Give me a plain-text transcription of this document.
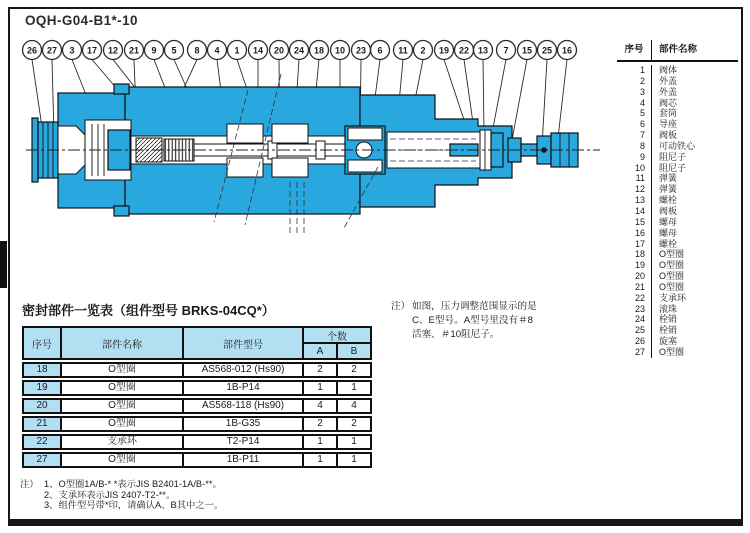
OQH-G04-B1*-10
26 27 3 17 12 21 9 5 8 4 1 14 20 24 18 10 23 6 11 2 19 22 13 7 15 25 16	序号	部件名称
1	阀体
2	外盖
3	外盖
4	阀芯
5	套筒
6	导座
7	阀板
8	可动铁心
9	阻尼子
10	阻尼子
11	弹簧
12	弹簧
13	螺栓
14	阀板
15	螺母
16	螺母
17	螺栓
18	O型圈
19	O型圈
20	O型圈
21	O型圈
22	支承环
23	滚珠
24	栓销
25	栓销
26	旋塞
27	O型圈
注） 如图，压力调整范围显示的是
C、E型号。A型号里没有＃8
活塞、＃10阻尼子。
密封部件一览表（组件型号 BRKS-04CQ*）
序号	部件名称	部件型号
个数
A	B
18	O型圈	AS568-012 (Hs90)	2	2
19	O型圈	1B-P14	1	1
20	O型圈	AS568-118 (Hs90)	4	4
21	O型圈	1B-G35	2	2
22	支承环	T2-P14	1	1
27	O型圈	1B-P11	1	1
注） 1、O型圈1A/B-* *表示JIS B2401-1A/B-**。
2、支承环表示JIS 2407-T2-**。
3、组件型号带*印，请确认A、B其中之一。
